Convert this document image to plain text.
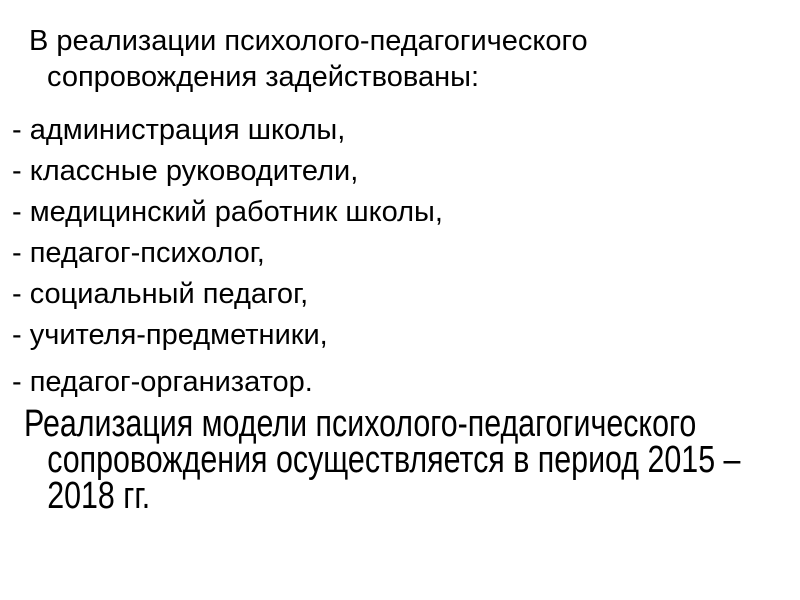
В реализации психолого-педагогического
сопровождения задействованы:
- администрация школы,
- классные руководители,
- медицинский работник школы,
- педагог-психолог,
- социальный педагог,
- учителя-предметники,
- педагог-организатор.
Реализация модели психолого-педагогического
сопровождения осуществляется в период 2015 –
2018 гг.
